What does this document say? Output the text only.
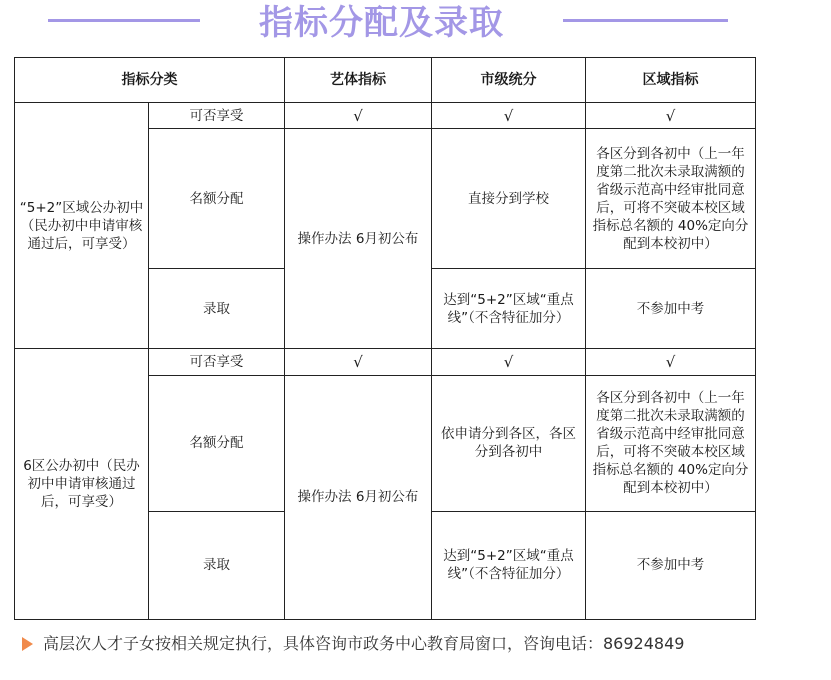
指标分配及录取
指标分类		艺体指标	市级统分	区域指标
“5+2”区域公办初中（民办初中申请审核通过后，可享受）	可否享受	√	√	√
	名额分配	操作办法 6月初公布	直接分到学校	各区分到各初中（上一年度第二批次未录取满额的省级示范高中经审批同意后，可将不突破本校区域指标总名额的 40%定向分配到本校初中）
	录取		达到“5+2”区域“重点线”（不含特征加分）	不参加中考
6区公办初中（民办初中申请审核通过后，可享受）	可否享受	√	√	√
	名额分配	操作办法 6月初公布	依申请分到各区，各区分到各初中	各区分到各初中（上一年度第二批次未录取满额的省级示范高中经审批同意后，可将不突破本校区域指标总名额的 40%定向分配到本校初中）
	录取		达到“5+2”区域“重点线”（不含特征加分）	不参加中考
高层次人才子女按相关规定执行，具体咨询市政务中心教育局窗口，咨询电话：86924849
